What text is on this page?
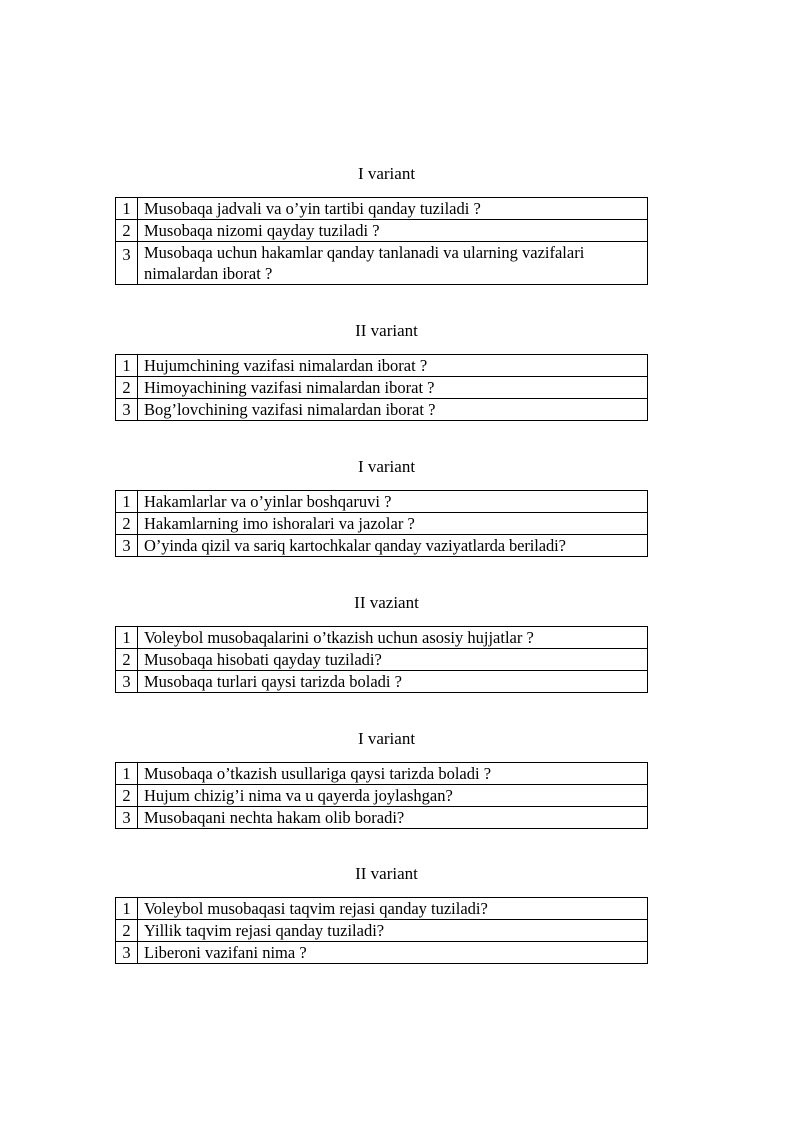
I variant
1	Musobaqa jadvali va o’yin tartibi qanday tuziladi ?
2	Musobaqa nizomi qayday tuziladi ?
3	Musobaqa uchun hakamlar qanday tanlanadi va ularning vazifalari nimalardan iborat ?
II variant
1	Hujumchining vazifasi nimalardan iborat ?
2	Himoyachining vazifasi nimalardan iborat ?
3	Bog’lovchining vazifasi nimalardan iborat ?
I variant
1	Hakamlarlar va o’yinlar boshqaruvi ?
2	Hakamlarning imo ishoralari va jazolar ?
3	O’yinda qizil va sariq kartochkalar qanday vaziyatlarda beriladi?
II vaziant
1	Voleybol musobaqalarini o’tkazish uchun asosiy hujjatlar ?
2	Musobaqa hisobati qayday tuziladi?
3	Musobaqa turlari qaysi tarizda boladi ?
I variant
1	Musobaqa o’tkazish usullariga qaysi tarizda boladi ?
2	Hujum chizig’i nima va u qayerda joylashgan?
3	Musobaqani nechta hakam olib boradi?
II variant
1	Voleybol musobaqasi taqvim rejasi qanday tuziladi?
2	Yillik taqvim rejasi qanday tuziladi?
3	Liberoni vazifani nima ?
